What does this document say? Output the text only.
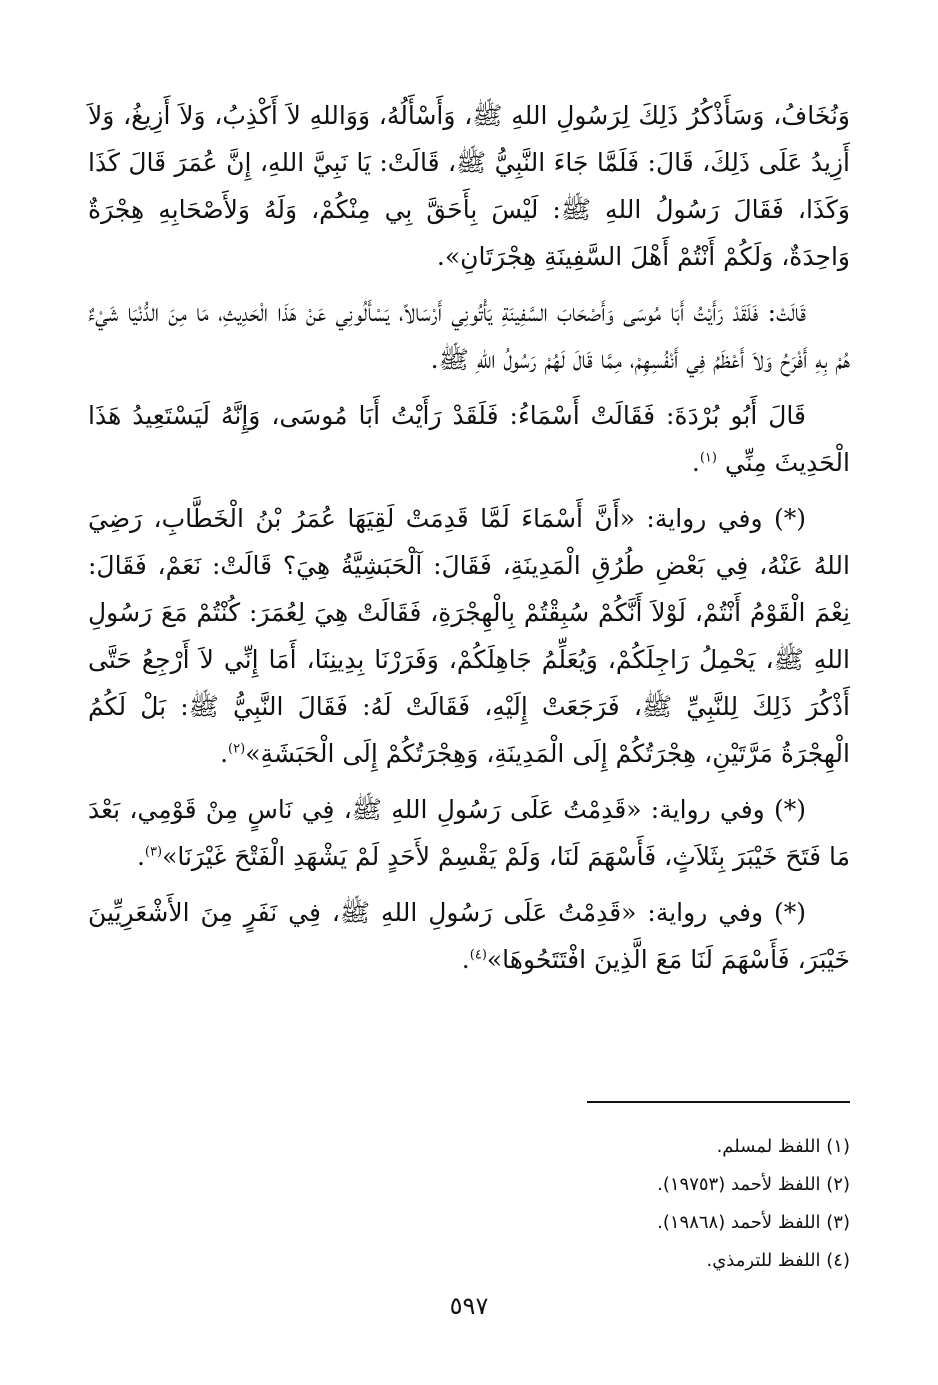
وَنُخَافُ، وَسَأَذْكُرُ ذَلِكَ لِرَسُولِ اللهِ ﷺ، وَأَسْأَلُهُ، وَوَاللهِ لاَ أَكْذِبُ، وَلاَ أَزِيغُ، وَلاَ أَزِيدُ عَلَى ذَلِكَ، قَالَ: فَلَمَّا جَاءَ النَّبِيُّ ﷺ، قَالَتْ: يَا نَبِيَّ اللهِ، إِنَّ عُمَرَ قَالَ كَذَا وَكَذَا، فَقَالَ رَسُولُ اللهِ ﷺ: لَيْسَ بِأَحَقَّ بِي مِنْكُمْ، وَلَهُ وَلأَصْحَابِهِ هِجْرَةٌ وَاحِدَةٌ، وَلَكُمْ أَنْتُمْ أَهْلَ السَّفِينَةِ هِجْرَتَانِ».

قَالَتْ: فَلَقَدْ رَأَيْتُ أَبَا مُوسَى وَأَصْحَابَ السَّفِينَةِ يَأْتُونِي أَرْسَالاً، يَسْأَلُونِي عَنْ هَذَا الْحَدِيثِ، مَا مِنَ الدُّنْيَا شَيْءٌ هُمْ بِهِ أَفْرَحُ وَلاَ أَعْظَمُ فِي أَنْفُسِهِمْ، مِمَّا قَالَ لَهُمْ رَسُولُ اللهِ ﷺ.

قَالَ أَبُو بُرْدَةَ: فَقَالَتْ أَسْمَاءُ: فَلَقَدْ رَأَيْتُ أَبَا مُوسَى، وَإِنَّهُ لَيَسْتَعِيدُ هَذَا الْحَدِيثَ مِنِّي $^{(١)}$.

(*) وفي رواية: «أَنَّ أَسْمَاءَ لَمَّا قَدِمَتْ لَقِيَهَا عُمَرُ بْنُ الْخَطَّابِ، رَضِيَ اللهُ عَنْهُ، فِي بَعْضِ طُرُقِ الْمَدِينَةِ، فَقَالَ: آلْحَبَشِيَّةُ هِيَ؟ قَالَتْ: نَعَمْ، فَقَالَ: نِعْمَ الْقَوْمُ أَنْتُمْ، لَوْلاَ أَنَّكُمْ سُبِقْتُمْ بِالْهِجْرَةِ، فَقَالَتْ هِيَ لِعُمَرَ: كُنْتُمْ مَعَ رَسُولِ اللهِ ﷺ، يَحْمِلُ رَاجِلَكُمْ، وَيُعَلِّمُ جَاهِلَكُمْ، وَفَرَرْنَا بِدِينِنَا، أَمَا إِنِّي لاَ أَرْجِعُ حَتَّى أَذْكُرَ ذَلِكَ لِلنَّبِيِّ ﷺ، فَرَجَعَتْ إِلَيْهِ، فَقَالَتْ لَهُ: فَقَالَ النَّبِيُّ ﷺ: بَلْ لَكُمُ الْهِجْرَةُ مَرَّتَيْنِ، هِجْرَتُكُمْ إِلَى الْمَدِينَةِ، وَهِجْرَتُكُمْ إِلَى الْحَبَشَةِ»$^{(٢)}$.

(*) وفي رواية: «قَدِمْتُ عَلَى رَسُولِ اللهِ ﷺ، فِي نَاسٍ مِنْ قَوْمِي، بَعْدَ مَا فَتَحَ خَيْبَرَ بِثَلاَثٍ، فَأَسْهَمَ لَنَا، وَلَمْ يَقْسِمْ لأَحَدٍ لَمْ يَشْهَدِ الْفَتْحَ غَيْرَنَا»$^{(٣)}$.

(*) وفي رواية: «قَدِمْتُ عَلَى رَسُولِ اللهِ ﷺ، فِي نَفَرٍ مِنَ الأَشْعَرِيِّينَ خَيْبَرَ، فَأَسْهَمَ لَنَا مَعَ الَّذِينَ افْتَتَحُوهَا»$^{(٤)}$.

(١) اللفظ لمسلم.
(٢) اللفظ لأحمد (١٩٧٥٣).
(٣) اللفظ لأحمد (١٩٨٦٨).
(٤) اللفظ للترمذي.
٥٩٧
